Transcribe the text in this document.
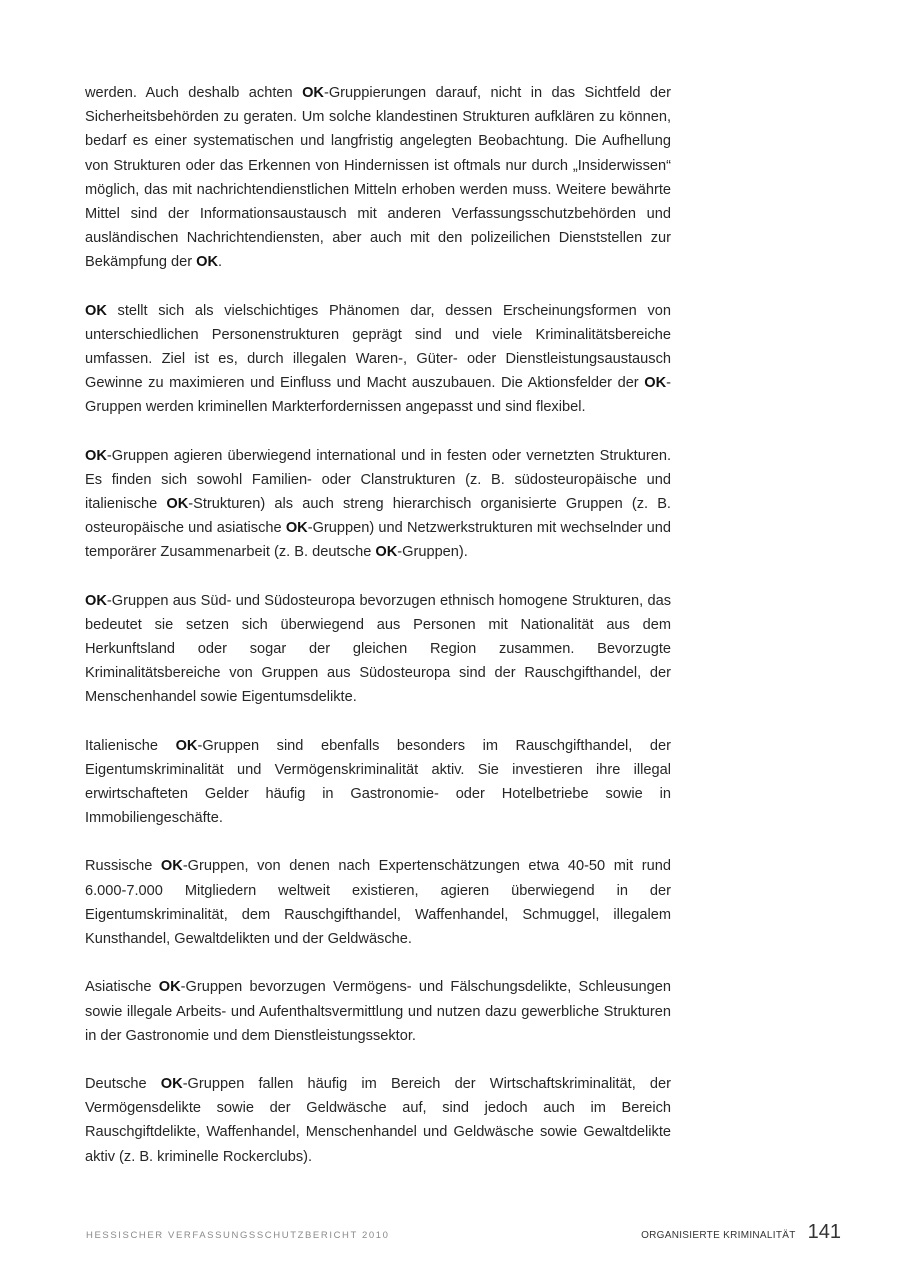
werden. Auch deshalb achten OK-Gruppierungen darauf, nicht in das Sichtfeld der Sicherheitsbehörden zu geraten. Um solche klandestinen Strukturen aufklären zu können, bedarf es einer systematischen und langfristig angelegten Beobachtung. Die Aufhellung von Strukturen oder das Erkennen von Hindernissen ist oftmals nur durch „Insiderwissen“ möglich, das mit nachrichtendienstlichen Mitteln erhoben werden muss. Weitere bewährte Mittel sind der Informationsaustausch mit anderen Verfassungsschutzbehörden und ausländischen Nachrichtendiensten, aber auch mit den polizeilichen Dienststellen zur Bekämpfung der OK.

OK stellt sich als vielschichtiges Phänomen dar, dessen Erscheinungsformen von unterschiedlichen Personenstrukturen geprägt sind und viele Kriminalitätsbereiche umfassen. Ziel ist es, durch illegalen Waren-, Güter- oder Dienstleistungsaustausch Gewinne zu maximieren und Einfluss und Macht auszubauen. Die Aktionsfelder der OK-Gruppen werden kriminellen Markterfordernissen angepasst und sind flexibel.

OK-Gruppen agieren überwiegend international und in festen oder vernetzten Strukturen. Es finden sich sowohl Familien- oder Clanstrukturen (z. B. südosteuropäische und italienische OK-Strukturen) als auch streng hierarchisch organisierte Gruppen (z. B. osteuropäische und asiatische OK-Gruppen) und Netzwerkstrukturen mit wechselnder und temporärer Zusammenarbeit (z. B. deutsche OK-Gruppen).

OK-Gruppen aus Süd- und Südosteuropa bevorzugen ethnisch homogene Strukturen, das bedeutet sie setzen sich überwiegend aus Personen mit Nationalität aus dem Herkunftsland oder sogar der gleichen Region zusammen. Bevorzugte Kriminalitätsbereiche von Gruppen aus Südosteuropa sind der Rauschgifthandel, der Menschenhandel sowie Eigentumsdelikte.

Italienische OK-Gruppen sind ebenfalls besonders im Rauschgifthandel, der Eigentumskriminalität und Vermögenskriminalität aktiv. Sie investieren ihre illegal erwirtschafteten Gelder häufig in Gastronomie- oder Hotelbetriebe sowie in Immobiliengeschäfte.

Russische OK-Gruppen, von denen nach Expertenschätzungen etwa 40-50 mit rund 6.000-7.000 Mitgliedern weltweit existieren, agieren überwiegend in der Eigentumskriminalität, dem Rauschgifthandel, Waffenhandel, Schmuggel, illegalem Kunsthandel, Gewaltdelikten und der Geldwäsche.

Asiatische OK-Gruppen bevorzugen Vermögens- und Fälschungsdelikte, Schleusungen sowie illegale Arbeits- und Aufenthaltsvermittlung und nutzen dazu gewerbliche Strukturen in der Gastronomie und dem Dienstleistungssektor.

Deutsche OK-Gruppen fallen häufig im Bereich der Wirtschaftskriminalität, der Vermögensdelikte sowie der Geldwäsche auf, sind jedoch auch im Bereich Rauschgiftdelikte, Waffenhandel, Menschenhandel und Geldwäsche sowie Gewaltdelikte aktiv (z. B. kriminelle Rockerclubs).

HESSISCHER VERFASSUNGSSCHUTZBERICHT 2010	ORGANISIERTE KRIMINALITÄT 141
